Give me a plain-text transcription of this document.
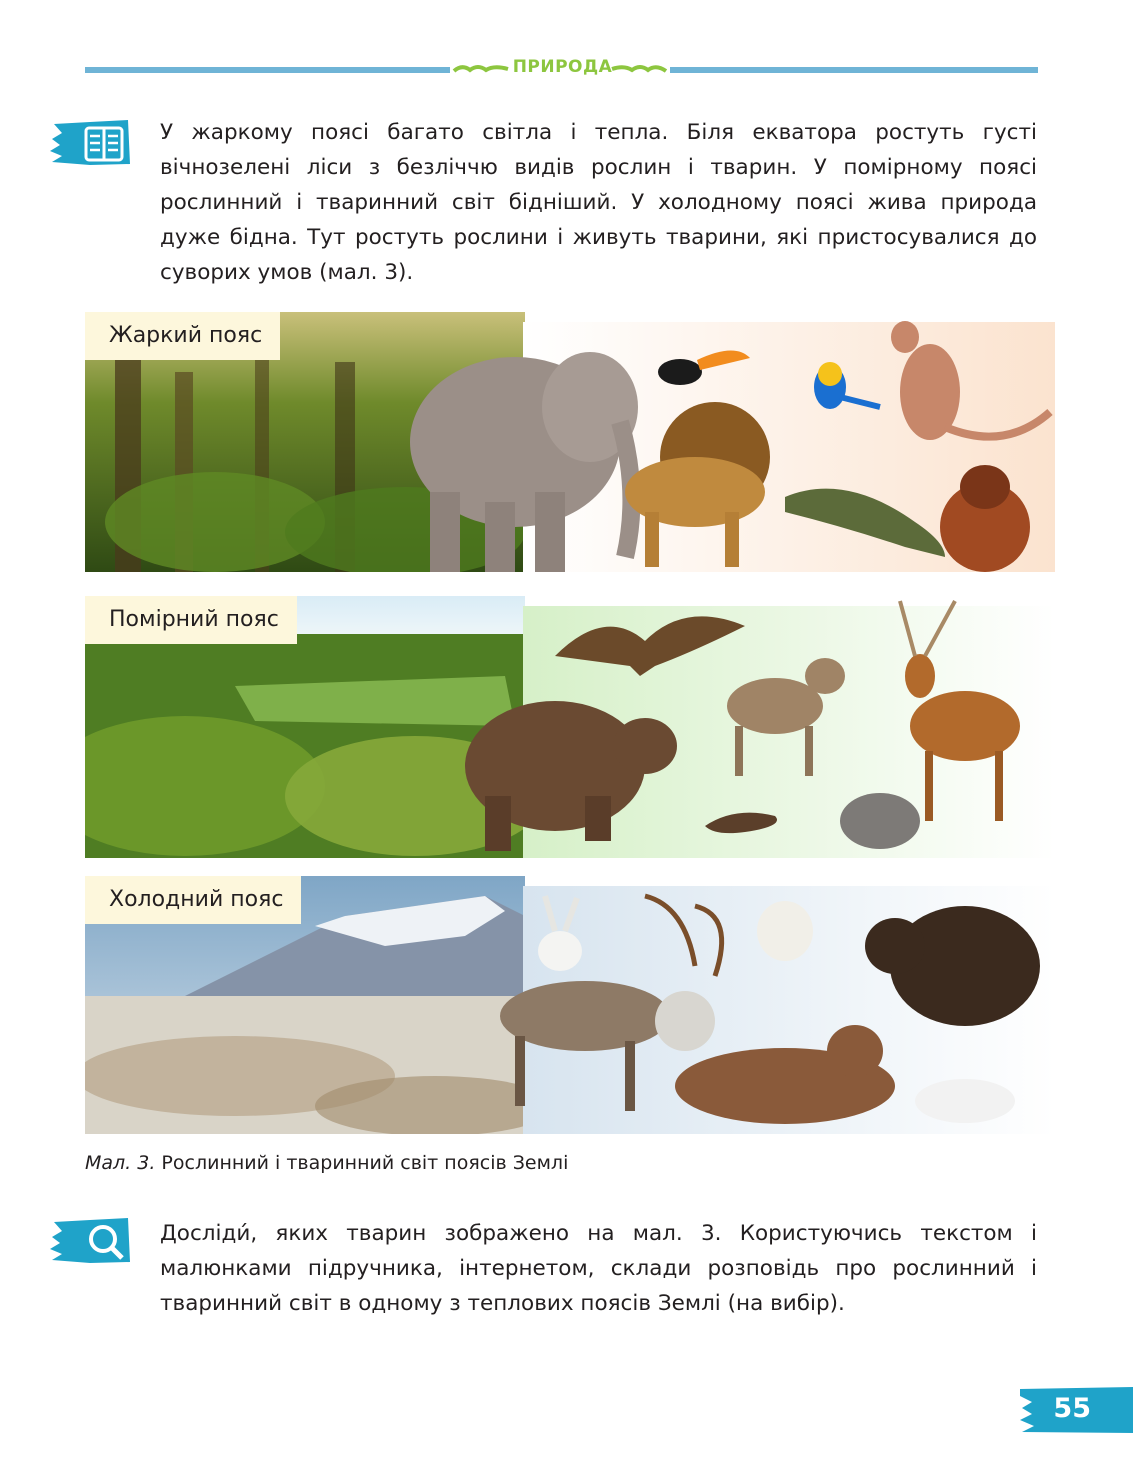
ПРИРОДА

У жаркому поясі багато світла і тепла. Біля екватора ростуть густі вічнозелені ліси з безліччю видів рослин і тварин. У помірному поясі рослинний і тваринний світ бідніший. У холодному поясі жива природа дуже бідна. Тут ростуть рослини і живуть тварини, які пристосувалися до суворих умов (мал. 3).

Жаркий пояс
Помірний пояс
Холодний пояс
Мал. 3. Рослинний і тваринний світ поясів Землі

Досліди́, яких тварин зображено на мал. 3. Користуючись текстом і малюнками підручника, інтернетом, склади розповідь про рослинний і тваринний світ в одному з теплових поясів Землі (на вибір).

55
